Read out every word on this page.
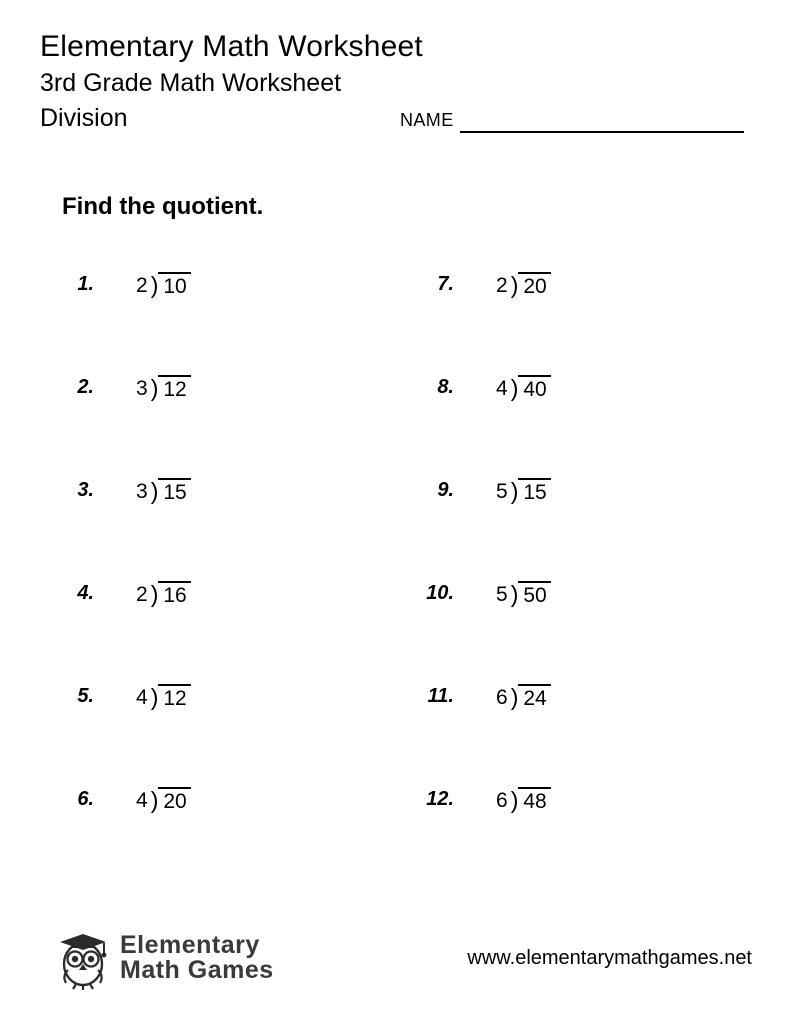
Elementary Math Worksheet
3rd Grade Math Worksheet
Division	NAME
Find the quotient.
1.	2 ) 10	7.	2 ) 20
2.	3 ) 12	8.	4 ) 40
3.	3 ) 15	9.	5 ) 15
4.	2 ) 16	10.	5 ) 50
5.	4 ) 12	11.	6 ) 24
6.	4 ) 20	12.	6 ) 48
Elementary
Math Games	www.elementarymathgames.net
